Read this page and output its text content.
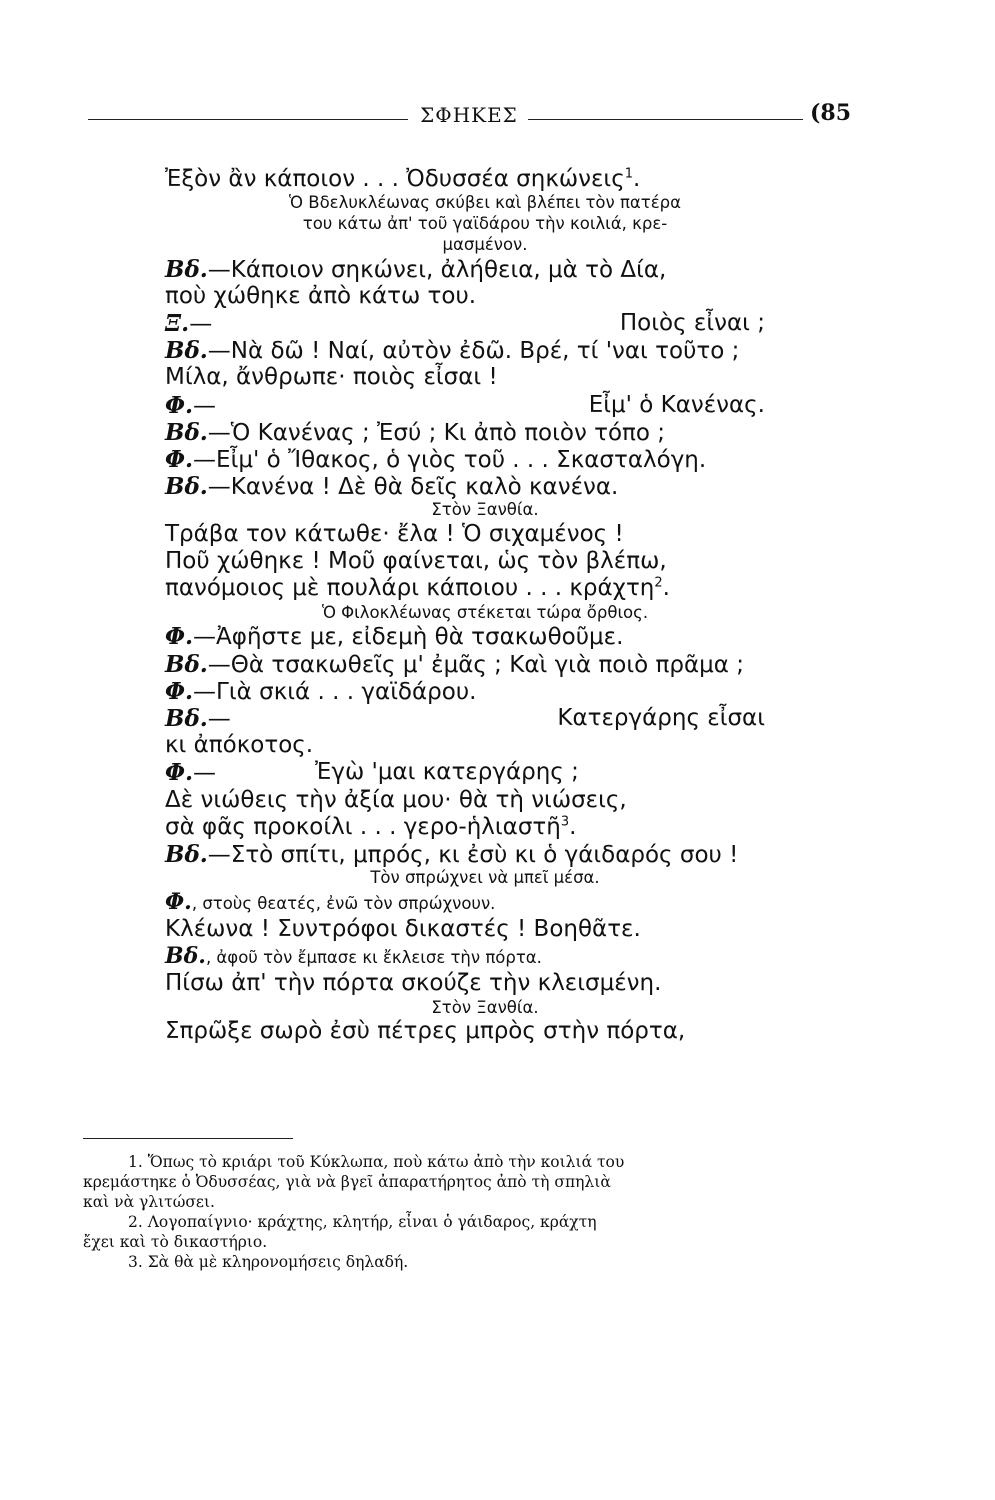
ΣΦΗΚΕΣ	(85
Ἐξὸν ἂν κάποιον . . . Ὀδυσσέα σηκώνεις$^1$.
Ὁ Βδελυκλέωνας σκύβει καὶ βλέπει τὸν πατέρα
του κάτω ἀπ' τοῦ γαϊδάρου τὴν κοιλιά, κρε-
μασμένον.
Βδ.—Κάποιον σηκώνει, ἀλήθεια, μὰ τὸ Δία,
ποὺ χώθηκε ἀπὸ κάτω του.
Ξ.—	Ποιὸς εἶναι ;
Βδ.—Νὰ δῶ ! Ναί, αὐτὸν ἐδῶ. Βρέ, τί 'ναι τοῦτο ;
Μίλα, ἄνθρωπε· ποιὸς εἶσαι !
Φ.—	Εἶμ' ὁ Κανένας.
Βδ.—Ὁ Κανένας ; Ἐσύ ; Κι ἀπὸ ποιὸν τόπο ;
Φ.—Εἶμ' ὁ Ἴθακος, ὁ γιὸς τοῦ . . . Σκασταλόγη.
Βδ.—Κανένα ! Δὲ θὰ δεῖς καλὸ κανένα.
Στὸν Ξανθία.
Τράβα τον κάτωθε· ἔλα ! Ὁ σιχαμένος !
Ποῦ χώθηκε ! Μοῦ φαίνεται, ὡς τὸν βλέπω,
πανόμοιος μὲ πουλάρι κάποιου . . . κράχτη$^2$.
Ὁ Φιλοκλέωνας στέκεται τώρα ὄρθιος.
Φ.—Ἀφῆστε με, εἰδεμὴ θὰ τσακωθοῦμε.
Βδ.—Θὰ τσακωθεῖς μ' ἐμᾶς ; Καὶ γιὰ ποιὸ πρᾶμα ;
Φ.—Γιὰ σκιά . . . γαϊδάρου.
Βδ.—	Κατεργάρης εἶσαι
κι ἀπόκοτος.
Φ.—	Ἐγὼ 'μαι κατεργάρης ;
Δὲ νιώθεις τὴν ἀξία μου· θὰ τὴ νιώσεις,
σὰ φᾶς προκοίλι . . . γερο-ἡλιαστῆ$^3$.
Βδ.—Στὸ σπίτι, μπρός, κι ἐσὺ κι ὁ γάιδαρός σου !
Τὸν σπρώχνει νὰ μπεῖ μέσα.
Φ., στοὺς θεατές, ἐνῶ τὸν σπρώχνουν.
Κλέωνα ! Συντρόφοι δικαστές ! Βοηθᾶτε.
Βδ., ἀφοῦ τὸν ἔμπασε κι ἔκλεισε τὴν πόρτα.
Πίσω ἀπ' τὴν πόρτα σκούζε τὴν κλεισμένη.
Στὸν Ξανθία.
Σπρῶξε σωρὸ ἐσὺ πέτρες μπρὸς στὴν πόρτα,
1. Ὅπως τὸ κριάρι τοῦ Κύκλωπα, ποὺ κάτω ἀπὸ τὴν κοιλιά του
κρεμάστηκε ὁ Ὀδυσσέας, γιὰ νὰ βγεῖ ἀπαρατήρητος ἀπὸ τὴ σπηλιὰ
καὶ νὰ γλιτώσει.
2. Λογοπαίγνιο· κράχτης, κλητήρ, εἶναι ὁ γάιδαρος, κράχτη
ἔχει καὶ τὸ δικαστήριο.
3. Σὰ θὰ μὲ κληρονομήσεις δηλαδή.
